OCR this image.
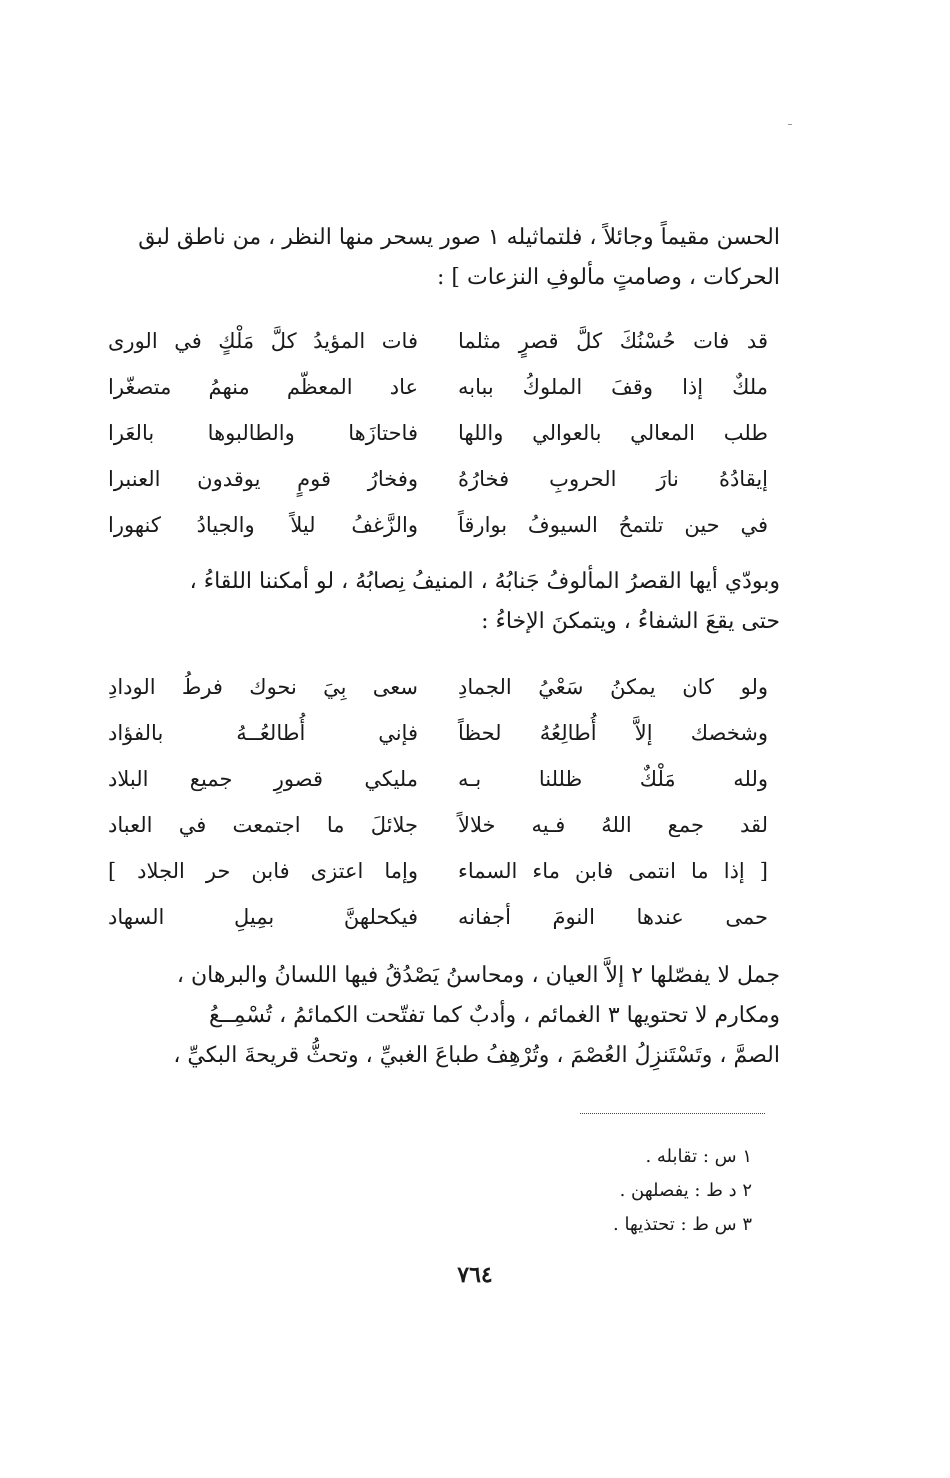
الحسن مقيماً وجائلاً ، فلتماثيله ١ صور يسحر منها النظر ، من ناطق لبق

الحركات ، وصامتٍ مألوفِ النزعات ] :

قد فات حُسْنُكَ كلَّ قصرٍ مثلما
فات المؤيدُ كلَّ مَلْكٍ في الورى
ملكٌ إذا وقفَ الملوكُ ببابه
عاد المعظّم منهمُ متصغّرا
طلب المعالي بالعوالي واللها
فاحتازَها والطالبوها بالعَرا
إيقادُهُ نارَ الحروبِ فخارُهُ
وفخارُ قومٍ يوقدون العنبرا
في حين تلتمحُ السيوفُ بوارقاً
والزَّغفُ ليلاً والجيادُ كنهورا

وبودّي أيها القصرُ المألوفُ جَنابُهُ ، المنيفُ نِصابُهُ ، لو أمكننا اللقاءُ ،

حتى يقعَ الشفاءُ ، ويتمكنَ الإخاءُ :

ولو كان يمكنُ سَعْيُ الجمادِ
سعى بِيَ نحوك فرطُ الودادِ
وشخصك إلاَّ أُطالِعُهُ لحظاً
فإني أُطالعُــهُ بالفؤاد
ولله مَلْكٌ ظللنا بـه
مليكي قصورِ جميع البلاد
لقد جمع اللهُ فـيه خلالاً
جلائلَ ما اجتمعت في العباد
[ إذا ما انتمى فابن ماء السماء
وإما اعتزى فابن حر الجلاد ]
حمى عندها النومَ أجفانه
فيكحلهنَّ بمِيلِ السهاد

جمل لا يفصّلها ٢ إلاَّ العيان ، ومحاسنُ يَصْدُقُ فيها اللسانُ والبرهان ،

ومكارم لا تحتويها ٣ الغمائم ، وأدبٌ كما تفتّحت الكمائمُ ، تُسْمِــعُ

الصمَّ ، وتَسْتَنزِلُ العُصْمَ ، وتُرْهِفُ طباعَ الغبيِّ ، وتحثُّ قريحةَ البكيِّ ،

١ س : تقابله .
٢ د ط : يفصلهن .
٣ س ط : تحتذيها .
٧٦٤
